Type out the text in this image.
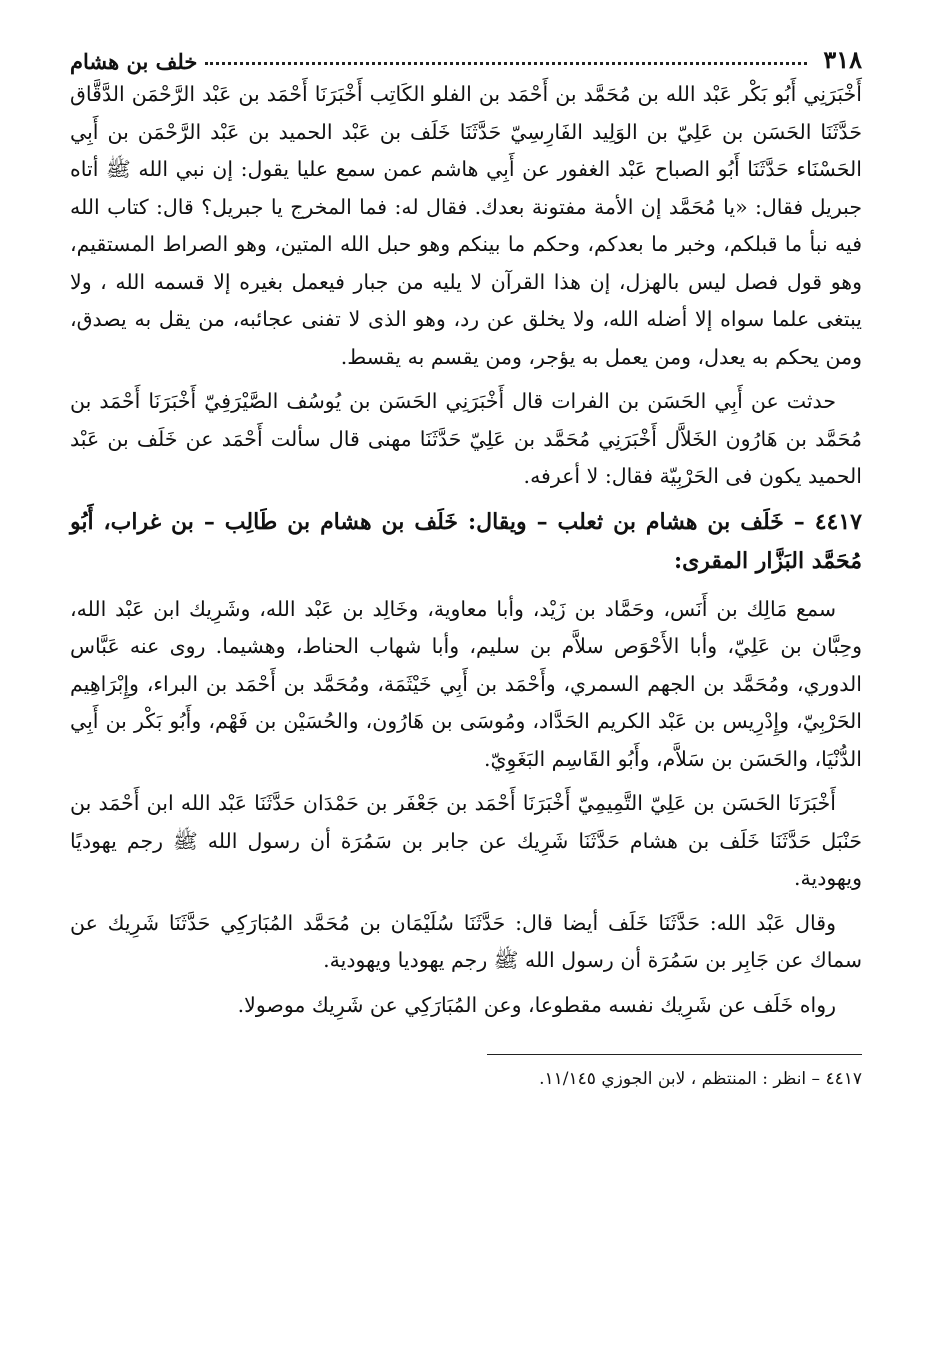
٣١٨
خلف بن هشام

أَخْبَرَنِي أَبُو بَكْر عَبْد الله بن مُحَمَّد بن أَحْمَد بن الفلو الكَاتِب أَخْبَرَنَا أَحْمَد بن عَبْد الرَّحْمَن الدَّقَّاق حَدَّثَنَا الحَسَن بن عَلِيّ بن الوَلِيد الفَارِسِيّ حَدَّثَنَا خَلَف بن عَبْد الحميد بن عَبْد الرَّحْمَن بن أَبِي الحَسْنَاء حَدَّثَنَا أَبُو الصباح عَبْد الغفور عن أَبِي هاشم عمن سمع عليا يقول: إن نبي الله ﷺ أتاه جبريل فقال: «يا مُحَمَّد إن الأمة مفتونة بعدك. فقال له: فما المخرج يا جبريل؟ قال: كتاب الله فيه نبأ ما قبلكم، وخبر ما بعدكم، وحكم ما بينكم وهو حبل الله المتين، وهو الصراط المستقيم، وهو قول فصل ليس بالهزل، إن هذا القرآن لا يليه من جبار فيعمل بغيره إلا قسمه الله ، ولا يبتغى علما سواه إلا أضله الله، ولا يخلق عن رد، وهو الذى لا تفنى عجائبه، من يقل به يصدق، ومن يحكم به يعدل، ومن يعمل به يؤجر، ومن يقسم به يقسط.

حدثت عن أَبِي الحَسَن بن الفرات قال أَخْبَرَنِي الحَسَن بن يُوسُف الصَّيْرَفِيّ أَخْبَرَنَا أَحْمَد بن مُحَمَّد بن هَارُون الخَلاَّل أَخْبَرَنِي مُحَمَّد بن عَلِيّ حَدَّثَنَا مهنى قال سألت أَحْمَد عن خَلَف بن عَبْد الحميد يكون فى الحَرْبِيّة فقال: لا أعرفه.

٤٤١٧ – خَلَف بن هشام بن ثعلب – ويقال: خَلَف بن هشام بن طَالِب – بن غراب، أَبُو مُحَمَّد البَزَّار المقرى:

سمع مَالِك بن أَنَس، وحَمَّاد بن زَيْد، وأبا معاوية، وخَالِد بن عَبْد الله، وشَرِيك ابن عَبْد الله، وحِبَّان بن عَلِيّ، وأبا الأَحْوَص سلاَّم بن سليم، وأبا شهاب الحناط، وهشيما. روى عنه عَبَّاس الدوري، ومُحَمَّد بن الجهم السمري، وأَحْمَد بن أَبِي خَيْثَمَة، ومُحَمَّد بن أَحْمَد بن البراء، وإِبْرَاهِيم الحَرْبِيّ، وإِدْرِيس بن عَبْد الكريم الحَدَّاد، ومُوسَى بن هَارُون، والحُسَيْن بن فَهْم، وأَبُو بَكْر بن أَبِي الدُّنْيَا، والحَسَن بن سَلاَّم، وأَبُو القَاسِم البَغَوِيّ.

أَخْبَرَنَا الحَسَن بن عَلِيّ التَّمِيمِيّ أَخْبَرَنَا أَحْمَد بن جَعْفَر بن حَمْدَان حَدَّثَنَا عَبْد الله ابن أَحْمَد بن حَنْبَل حَدَّثَنَا خَلَف بن هشام حَدَّثَنَا شَرِيك عن جابر بن سَمُرَة أن رسول الله ﷺ رجم يهوديًا ويهودية.

وقال عَبْد الله: حَدَّثَنَا خَلَف أيضا قال: حَدَّثَنَا سُلَيْمَان بن مُحَمَّد المُبَارَكِي حَدَّثَنَا شَرِيك عن سماك عن جَابِر بن سَمُرَة أن رسول الله ﷺ رجم يهوديا ويهودية.

رواه خَلَف عن شَرِيك نفسه مقطوعا، وعن المُبَارَكِي عن شَرِيك موصولا.

٤٤١٧ – انظر : المنتظم ، لابن الجوزي ١١/١٤٥.
